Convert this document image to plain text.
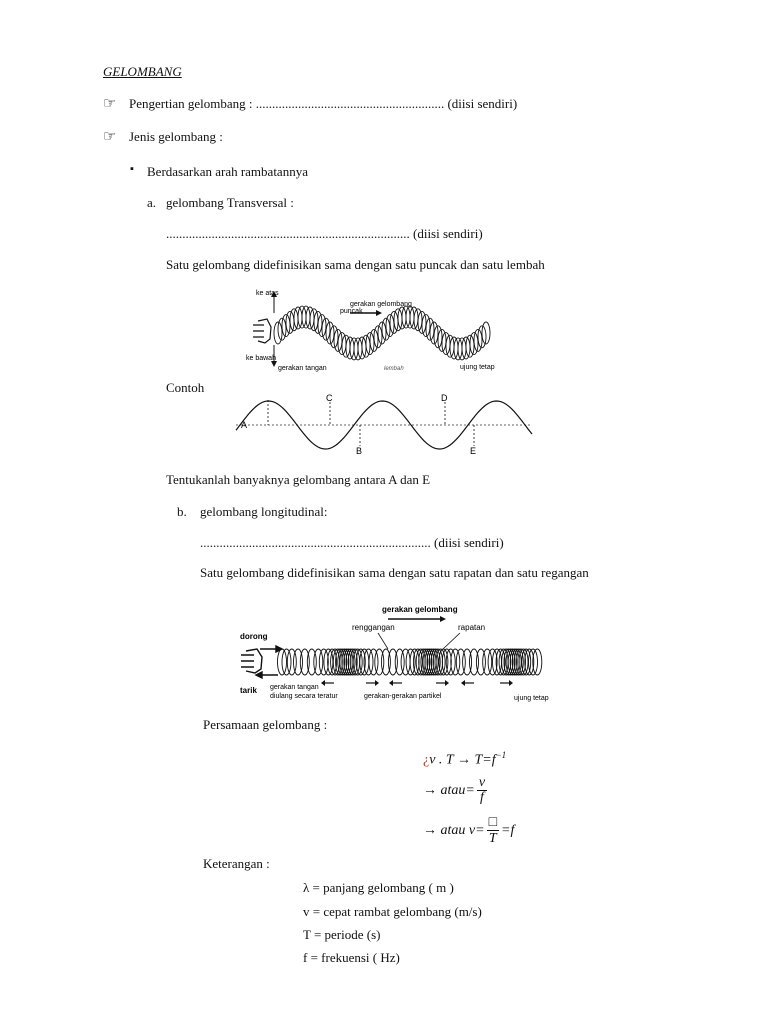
GELOMBANG
☞ Pengertian gelombang : .......................................................... (diisi sendiri)
☞ Jenis gelombang :
▪ Berdasarkan arah rambatannya
a. gelombang Transversal :
........................................................................... (diisi sendiri)
Satu gelombang didefinisikan sama dengan satu puncak dan satu lembah
ke atas
ke bawah
gerakan gelombang
puncak
gerakan tangan	lembah	ujung tetap
Contoh
A
B
C	D
E
Tentukanlah banyaknya gelombang antara A dan E
b. gelombang longitudinal:
....................................................................... (diisi sendiri)
Satu gelombang didefinisikan sama dengan satu rapatan dan satu regangan
gerakan gelombang
renggangan	rapatan
dorong
tarik gerakan tangan
diulang secara teratur	gerakan-gerakan partikel	ujung tetap
Persamaan gelombang :
¿v . $T \to T=f^{-1}$
→ atau= $\frac{v}{f}$
→ atau v= □
T
=f
Keterangan :
λ = panjang gelombang ( m )
v = cepat rambat gelombang (m/s)
T = periode (s)
f = frekuensi ( Hz)
